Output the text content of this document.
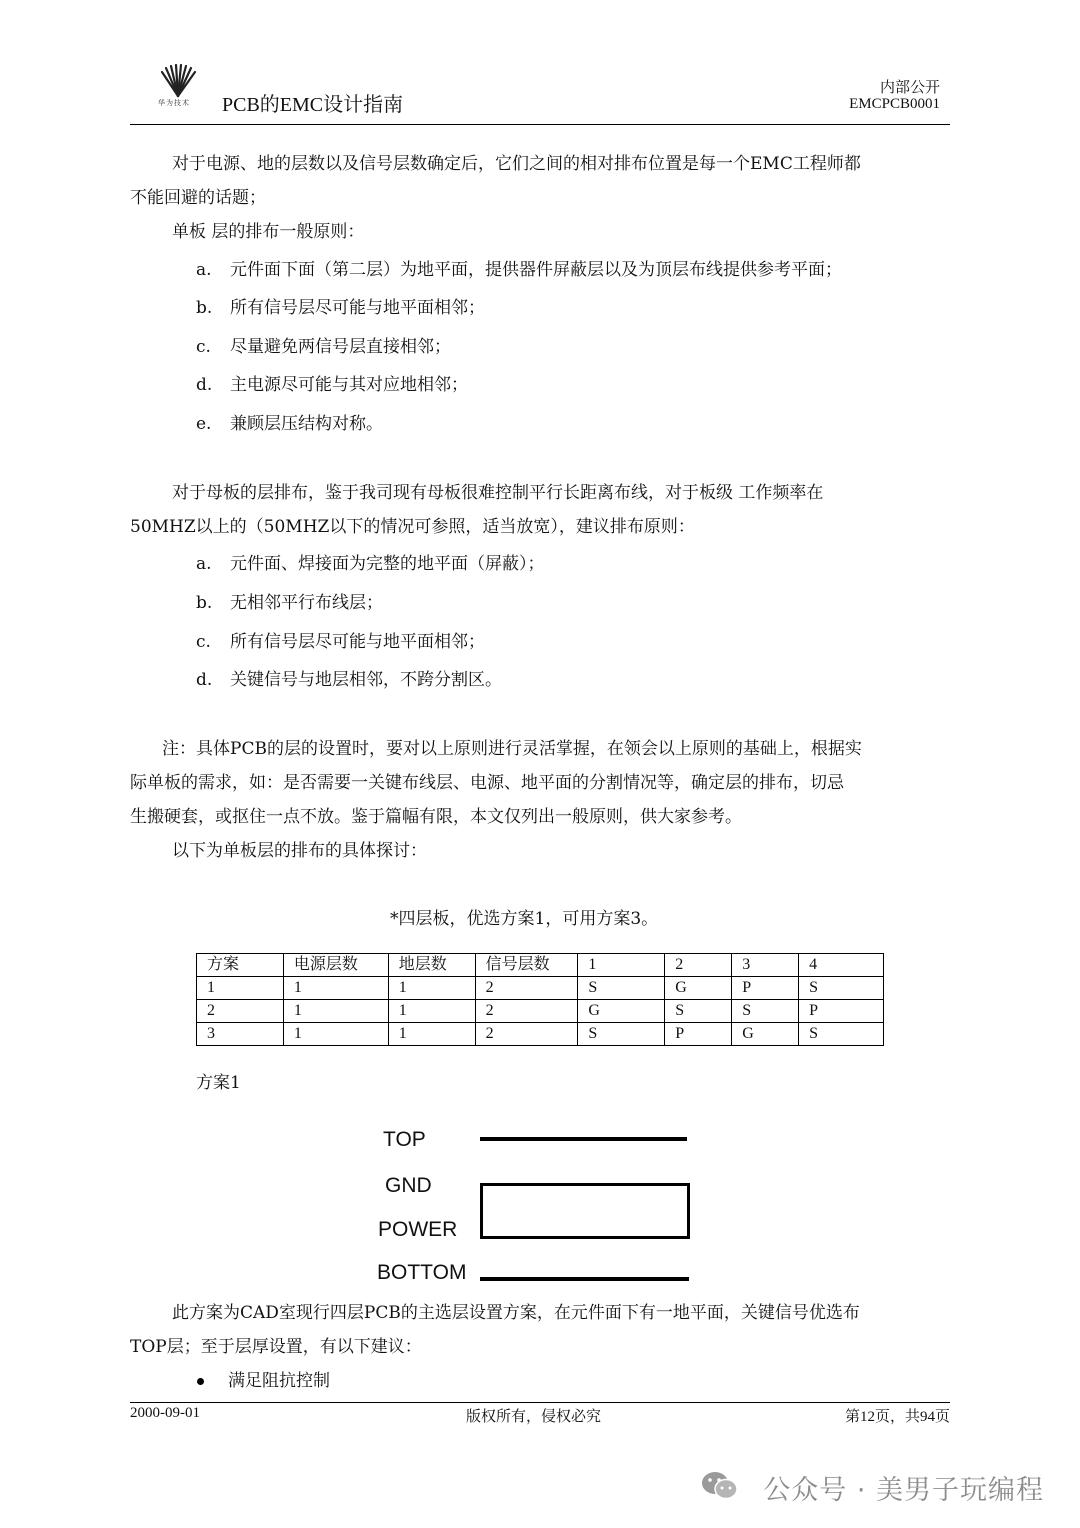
华为技术 PCB的EMC设计指南
内部公开
EMCPCB0001
对于电源、地的层数以及信号层数确定后，它们之间的相对排布位置是每一个EMC工程师都
不能回避的话题；
单板 层的排布一般原则：
a. 元件面下面（第二层）为地平面，提供器件屏蔽层以及为顶层布线提供参考平面；
b. 所有信号层尽可能与地平面相邻；
c. 尽量避免两信号层直接相邻；
d. 主电源尽可能与其对应地相邻；
e. 兼顾层压结构对称。
对于母板的层排布，鉴于我司现有母板很难控制平行长距离布线，对于板级 工作频率在
50MHZ以上的（50MHZ以下的情况可参照，适当放宽），建议排布原则：
a. 元件面、焊接面为完整的地平面（屏蔽）；
b. 无相邻平行布线层；
c. 所有信号层尽可能与地平面相邻；
d. 关键信号与地层相邻，不跨分割区。
注：具体PCB的层的设置时，要对以上原则进行灵活掌握，在领会以上原则的基础上，根据实
际单板的需求，如：是否需要一关键布线层、电源、地平面的分割情况等，确定层的排布，切忌
生搬硬套，或抠住一点不放。鉴于篇幅有限，本文仅列出一般原则，供大家参考。
以下为单板层的排布的具体探讨：
*四层板，优选方案1，可用方案3。
方案	电源层数	地层数	信号层数	1	2	3	4
1	1	1	2	S	G	P	S
2	1	1	2	G	S	S	P
3	1	1	2	S	P	G	S
方案1
TOP
GND
POWER
BOTTOM
此方案为CAD室现行四层PCB的主选层设置方案，在元件面下有一地平面，关键信号优选布
TOP层；至于层厚设置，有以下建议：
满足阻抗控制
2000-09-01	版权所有，侵权必究	第12页，共94页
公众号 · 美男子玩编程
